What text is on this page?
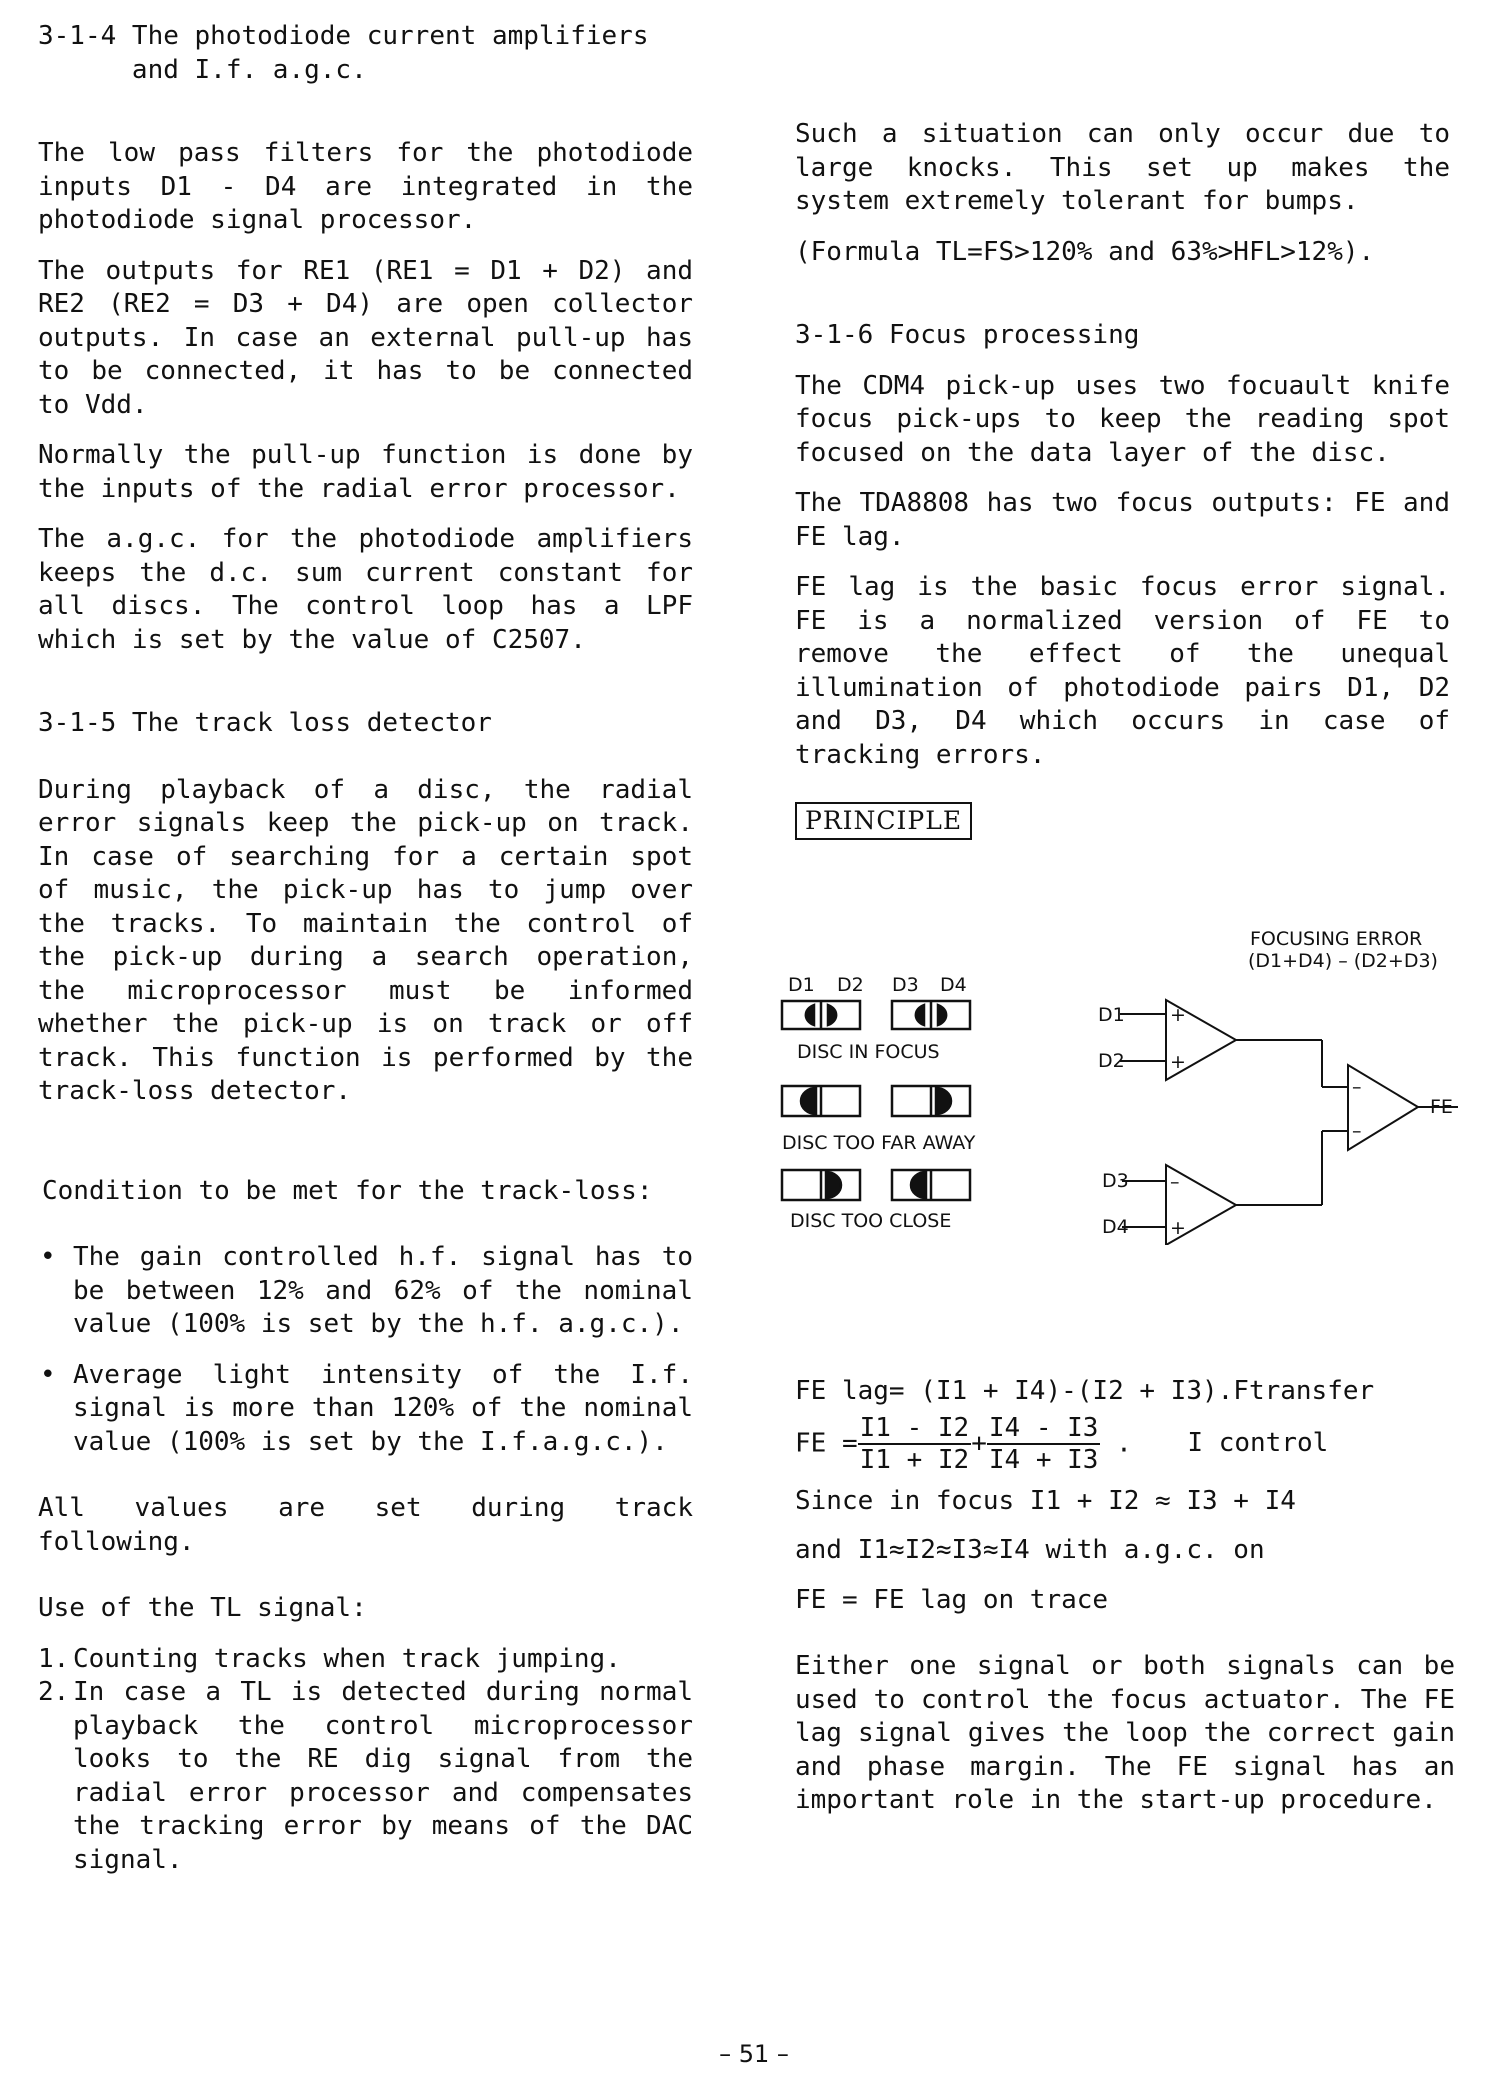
3-1-4 The photodiode current amplifiers
and I.f. a.g.c.

The low pass filters for the photodiode inputs D1 - D4 are integrated in the photodiode signal processor.

The outputs for RE1 (RE1 = D1 + D2) and RE2 (RE2 = D3 + D4) are open collector outputs. In case an external pull-up has to be connected, it has to be connected to Vdd.

Normally the pull-up function is done by the inputs of the radial error processor.

The a.g.c. for the photodiode amplifiers keeps the d.c. sum current constant for all discs. The control loop has a LPF which is set by the value of C2507.

3-1-5 The track loss detector

During playback of a disc, the radial error signals keep the pick-up on track. In case of searching for a certain spot of music, the pick-up has to jump over the tracks. To maintain the control of the pick-up during a search operation, the microprocessor must be informed whether the pick-up is on track or off track. This function is performed by the track-loss detector.

Condition to be met for the track-loss:

• The gain controlled h.f. signal has to be between 12% and 62% of the nominal value (100% is set by the h.f. a.g.c.).

• Average light intensity of the I.f. signal is more than 120% of the nominal value (100% is set by the I.f.a.g.c.).

All values are set during track following.

Use of the TL signal:

1. Counting tracks when track jumping.

2. In case a TL is detected during normal playback the control microprocessor looks to the RE dig signal from the radial error processor and compensates the tracking error by means of the DAC signal.

Such a situation can only occur due to large knocks. This set up makes the system extremely tolerant for bumps.

(Formula TL=FS>120% and 63%>HFL>12%).

3-1-6 Focus processing

The CDM4 pick-up uses two focuault knife focus pick-ups to keep the reading spot focused on the data layer of the disc.

The TDA8808 has two focus outputs: FE and FE lag.

FE lag is the basic focus error signal. FE is a normalized version of FE to remove the effect of the unequal illumination of photodiode pairs D1, D2 and D3, D4 which occurs in case of tracking errors.

PRINCIPLE
D1 D2 D3 D4
DISC IN FOCUS
DISC TOO FAR AWAY
DISC TOO CLOSE
FOCUSING ERROR
(D1+D4) – (D2+D3)
D1
D2
D3
D4
FE
+
+
–
+
–
–
FE lag= (I1 + I4)-(I2 + I3).Ftransfer
FE = $\frac{I1 - I2}{I1 + I2} + \frac{I4 - I3}{I4 + I3}$ . I control
Since in focus I1 + I2 ≈ I3 + I4
and I1≈I2≈I3≈I4 with a.g.c. on
FE = FE lag on trace

Either one signal or both signals can be used to control the focus actuator. The FE lag signal gives the loop the correct gain and phase margin. The FE signal has an important role in the start-up procedure.

– 51 –
